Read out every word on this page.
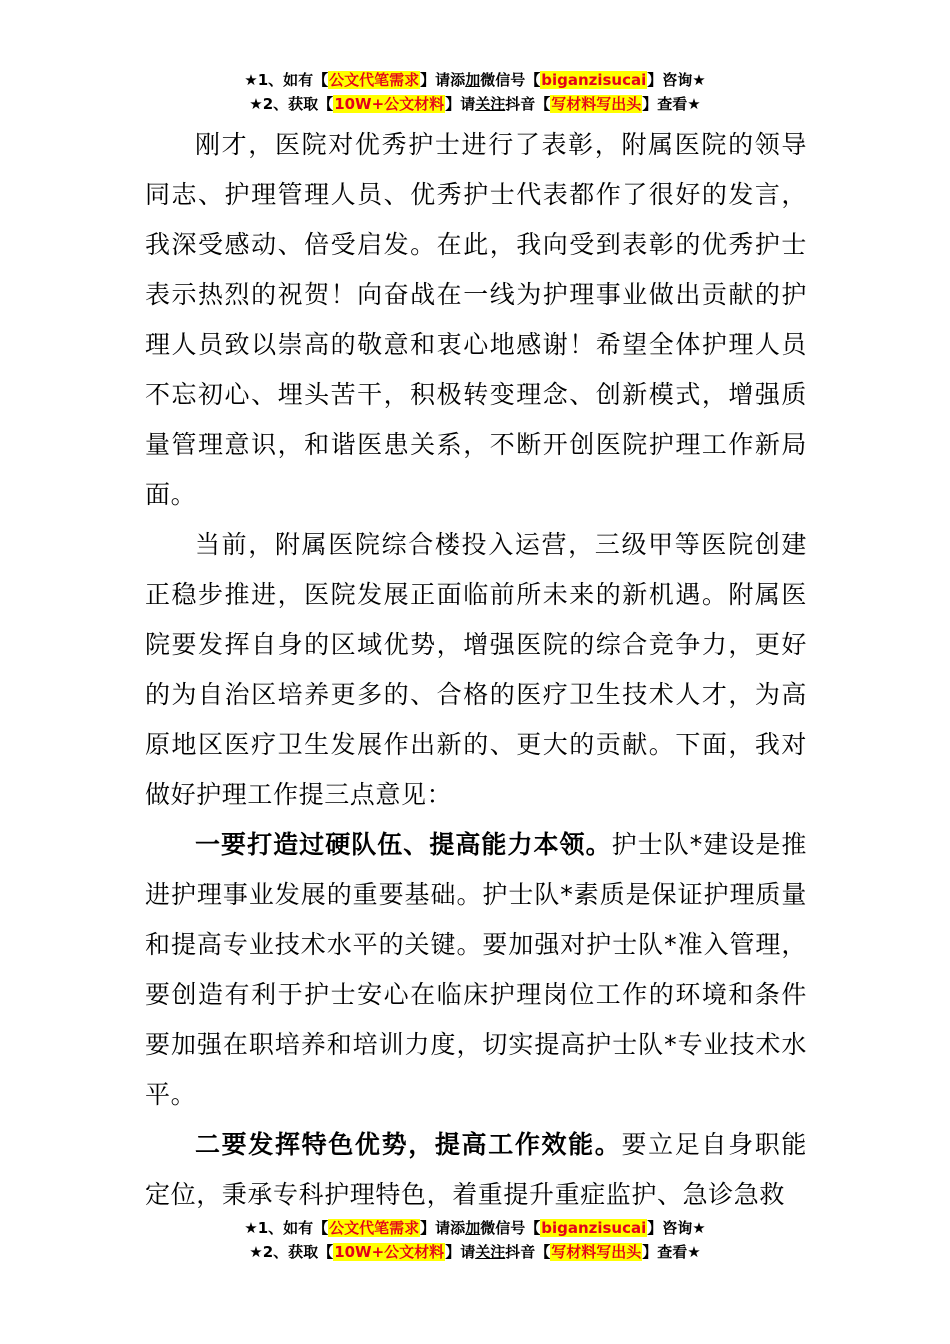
★1、如有【公文代笔需求】请添加微信号【biganzisucai】咨询★
★2、获取【10W+公文材料】请关注抖音【写材料写出头】查看★

刚才，医院对优秀护士进行了表彰，附属医院的领导同志、护理管理人员、优秀护士代表都作了很好的发言，我深受感动、倍受启发。在此，我向受到表彰的优秀护士表示热烈的祝贺！向奋战在一线为护理事业做出贡献的护理人员致以崇高的敬意和衷心地感谢！希望全体护理人员不忘初心、埋头苦干，积极转变理念、创新模式，增强质量管理意识，和谐医患关系，不断开创医院护理工作新局面。

当前，附属医院综合楼投入运营，三级甲等医院创建正稳步推进，医院发展正面临前所未来的新机遇。附属医院要发挥自身的区域优势，增强医院的综合竞争力，更好的为自治区培养更多的、合格的医疗卫生技术人才，为高原地区医疗卫生发展作出新的、更大的贡献。下面，我对做好护理工作提三点意见：

一要打造过硬队伍、提高能力本领。护士队*建设是推进护理事业发展的重要基础。护士队*素质是保证护理质量和提高专业技术水平的关键。要加强对护士队*准入管理，要创造有利于护士安心在临床护理岗位工作的环境和条件要加强在职培养和培训力度，切实提高护士队*专业技术水平。

二要发挥特色优势，提高工作效能。要立足自身职能定位，秉承专科护理特色，着重提升重症监护、急诊急救

★1、如有【公文代笔需求】请添加微信号【biganzisucai】咨询★
★2、获取【10W+公文材料】请关注抖音【写材料写出头】查看★
